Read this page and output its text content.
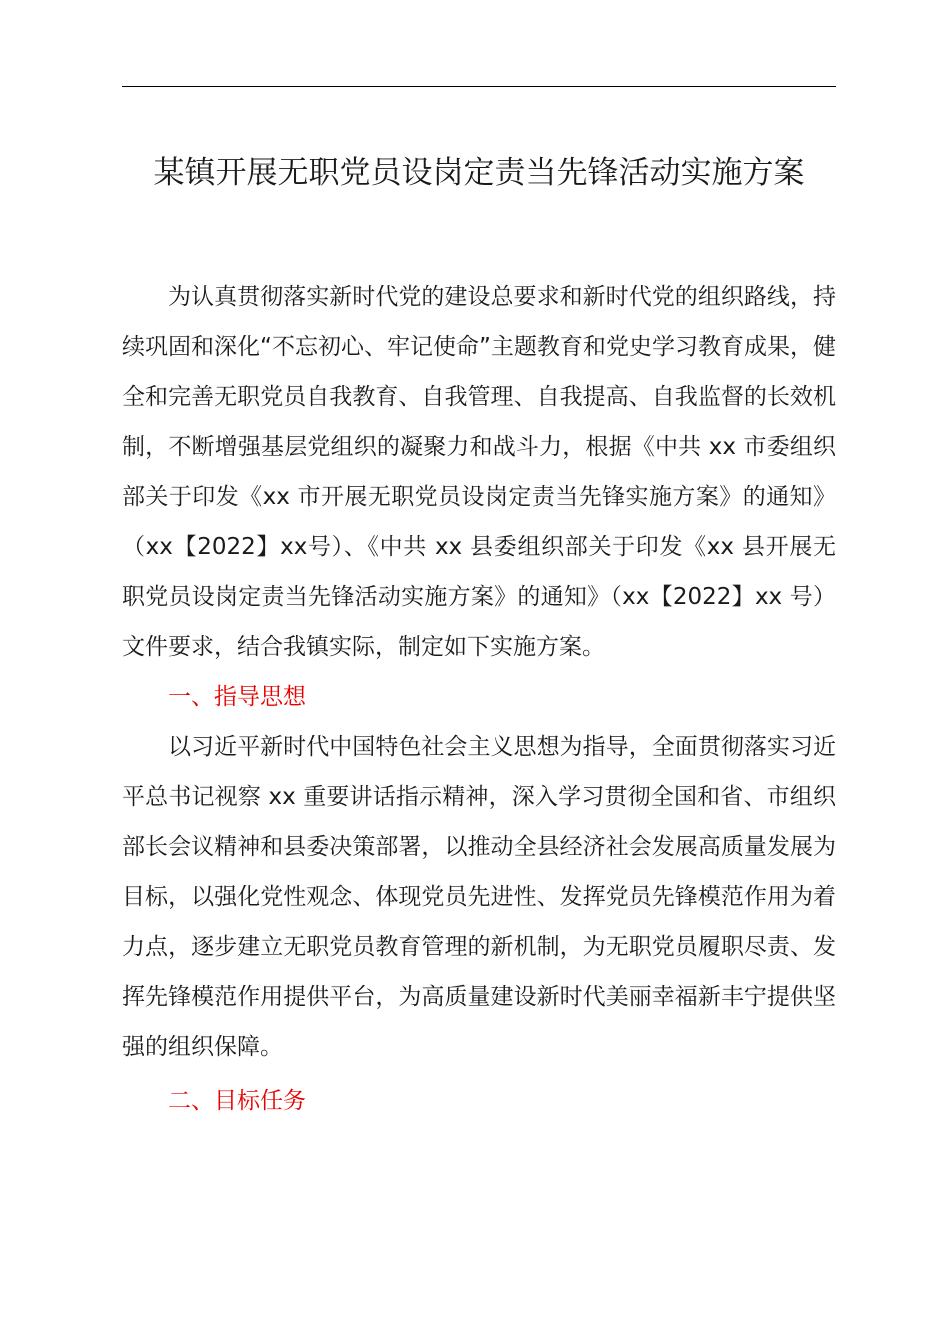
某镇开展无职党员设岗定责当先锋活动实施方案

为认真贯彻落实新时代党的建设总要求和新时代党的组织路线，持续巩固和深化“不忘初心、牢记使命”主题教育和党史学习教育成果，健全和完善无职党员自我教育、自我管理、自我提高、自我监督的长效机制，不断增强基层党组织的凝聚力和战斗力，根据《中共 xx 市委组织部关于印发《xx 市开展无职党员设岗定责当先锋实施方案》的通知》（xx【2022】xx号）、《中共 xx 县委组织部关于印发《xx 县开展无职党员设岗定责当先锋活动实施方案》的通知》（xx【2022】xx 号）文件要求，结合我镇实际，制定如下实施方案。

一、指导思想

以习近平新时代中国特色社会主义思想为指导，全面贯彻落实习近平总书记视察 xx 重要讲话指示精神，深入学习贯彻全国和省、市组织部长会议精神和县委决策部署，以推动全县经济社会发展高质量发展为目标，以强化党性观念、体现党员先进性、发挥党员先锋模范作用为着力点，逐步建立无职党员教育管理的新机制，为无职党员履职尽责、发挥先锋模范作用提供平台，为高质量建设新时代美丽幸福新丰宁提供坚强的组织保障。

二、目标任务
